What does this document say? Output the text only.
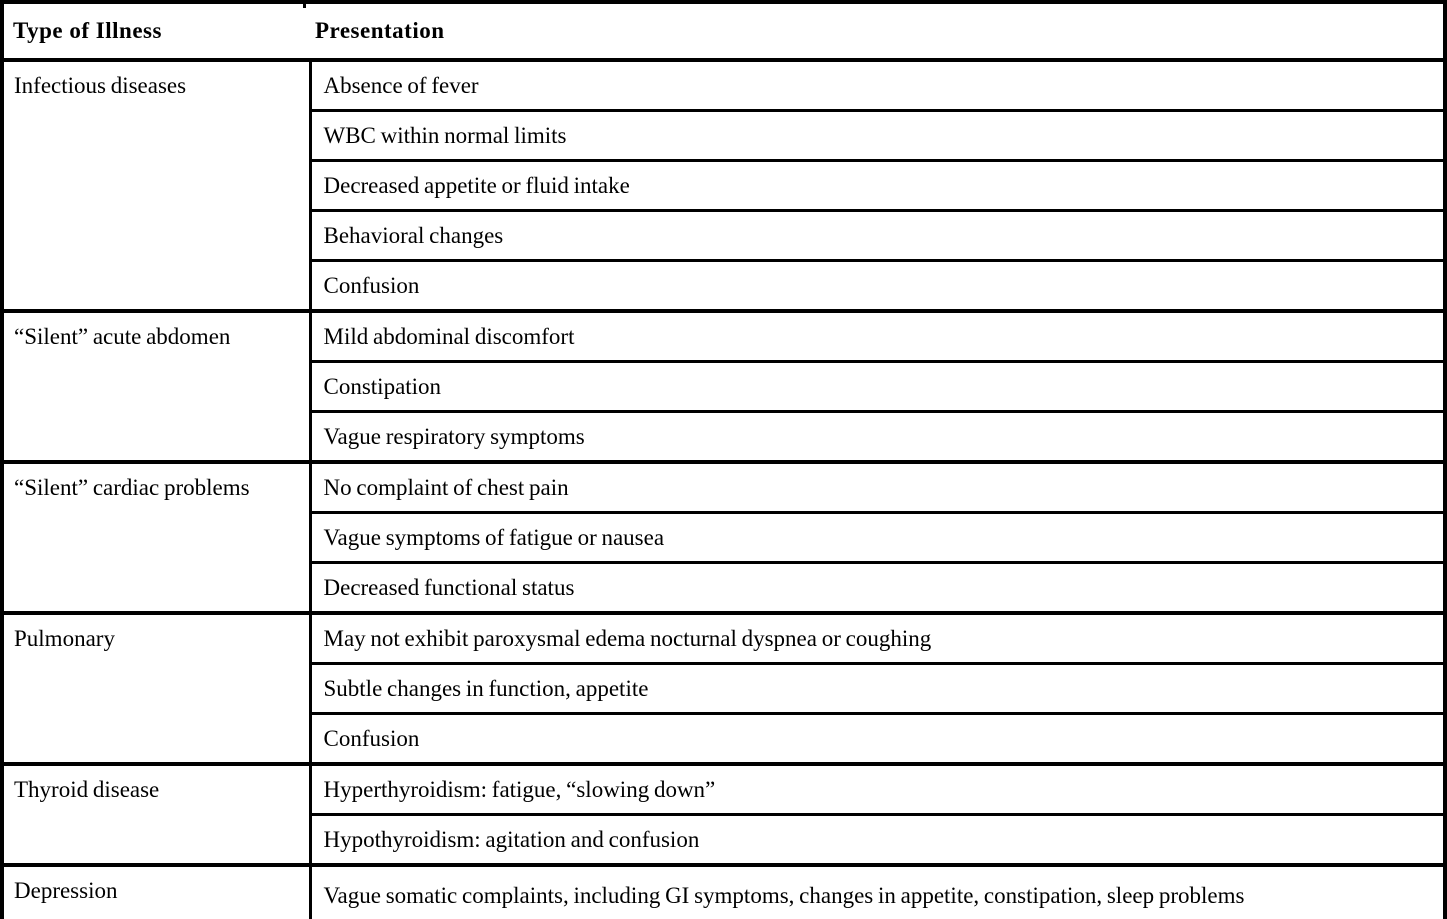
Type of Illness	Presentation
Infectious diseases	Absence of fever
	WBC within normal limits
	Decreased appetite or fluid intake
	Behavioral changes
	Confusion
“Silent” acute abdomen	Mild abdominal discomfort
	Constipation
	Vague respiratory symptoms
“Silent” cardiac problems	No complaint of chest pain
	Vague symptoms of fatigue or nausea
	Decreased functional status
Pulmonary	May not exhibit paroxysmal edema nocturnal dyspnea or coughing
	Subtle changes in function, appetite
	Confusion
Thyroid disease	Hyperthyroidism: fatigue, “slowing down”
	Hypothyroidism: agitation and confusion
Depression	Vague somatic complaints, including GI symptoms, changes in appetite, constipation, sleep problems
